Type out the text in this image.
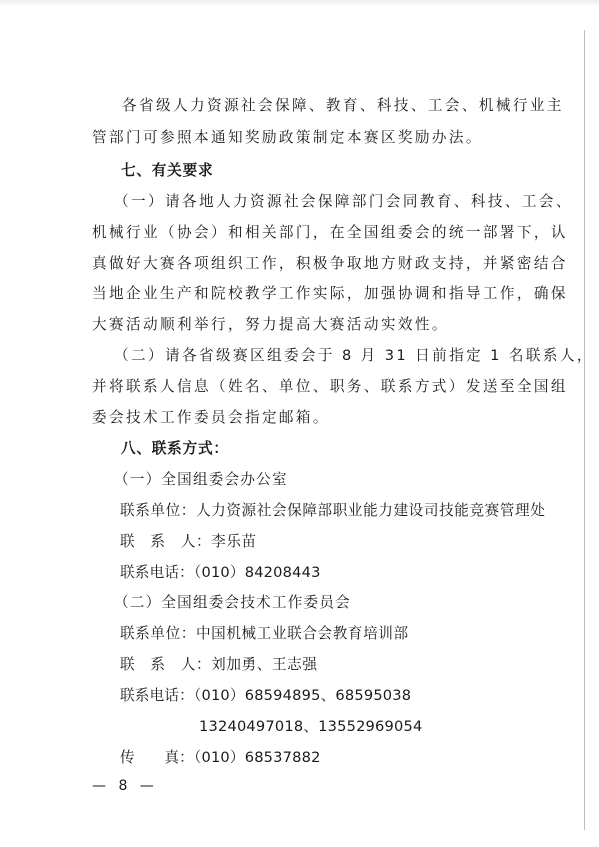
各省级人力资源社会保障、教育、科技、工会、机械行业主
管部门可参照本通知奖励政策制定本赛区奖励办法。
七、有关要求
（一）请各地人力资源社会保障部门会同教育、科技、工会、
机械行业（协会）和相关部门，在全国组委会的统一部署下，认
真做好大赛各项组织工作，积极争取地方财政支持，并紧密结合
当地企业生产和院校教学工作实际，加强协调和指导工作，确保
大赛活动顺利举行，努力提高大赛活动实效性。
（二）请各省级赛区组委会于 8 月 31 日前指定 1 名联系人，
并将联系人信息（姓名、单位、职务、联系方式）发送至全国组
委会技术工作委员会指定邮箱。
八、联系方式：
（一）全国组委会办公室
联系单位：人力资源社会保障部职业能力建设司技能竞赛管理处
联　系　人：李乐苗
联系电话：（010）84208443
（二）全国组委会技术工作委员会
联系单位：中国机械工业联合会教育培训部
联　系　人：刘加勇、王志强
联系电话：（010）68594895、68595038
13240497018、13552969054
传　　真：（010）68537882
— 8 —
